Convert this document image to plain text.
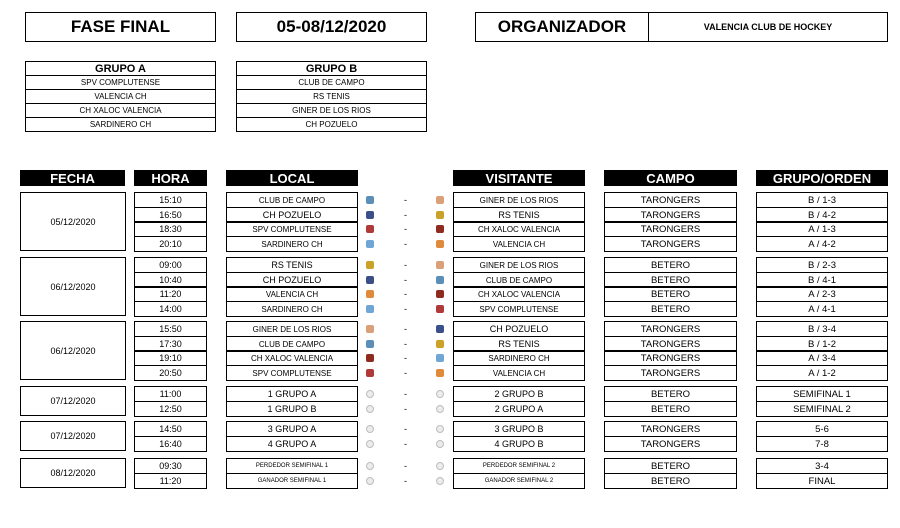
FASE FINAL	05-08/12/2020	ORGANIZADOR	VALENCIA CLUB DE HOCKEY
GRUPO A
SPV COMPLUTENSE
VALENCIA CH
CH XALOC VALENCIA
SARDINERO CH
GRUPO B
CLUB DE CAMPO
RS TENIS
GINER DE LOS RIOS
CH POZUELO
FECHA	HORA	LOCAL	VISITANTE	CAMPO	GRUPO/ORDEN
05/12/2020
15:10	CLUB DE CAMPO	-	GINER DE LOS RIOS	TARONGERS	B / 1-3
16:50	CH POZUELO	-	RS TENIS	TARONGERS	B / 4-2
18:30	SPV COMPLUTENSE	-	CH XALOC VALENCIA	TARONGERS	A / 1-3
20:10	SARDINERO CH	-	VALENCIA CH	TARONGERS	A / 4-2
06/12/2020
09:00	RS TENIS	-	GINER DE LOS RIOS	BETERO	B / 2-3
10:40	CH POZUELO	-	CLUB DE CAMPO	BETERO	B / 4-1
11:20	VALENCIA CH	-	CH XALOC VALENCIA	BETERO	A / 2-3
14:00	SARDINERO CH	-	SPV COMPLUTENSE	BETERO	A / 4-1
06/12/2020
15:50	GINER DE LOS RIOS	-	CH POZUELO	TARONGERS	B / 3-4
17:30	CLUB DE CAMPO	-	RS TENIS	TARONGERS	B / 1-2
19:10	CH XALOC VALENCIA	-	SARDINERO CH	TARONGERS	A / 3-4
20:50	SPV COMPLUTENSE	-	VALENCIA CH	TARONGERS	A / 1-2
07/12/2020
11:00	1 GRUPO A	-	2 GRUPO B	BETERO	SEMIFINAL 1
12:50	1 GRUPO B	-	2 GRUPO A	BETERO	SEMIFINAL 2
07/12/2020
14:50	3 GRUPO A	-	3 GRUPO B	TARONGERS	5-6
16:40	4 GRUPO A	-	4 GRUPO B	TARONGERS	7-8
08/12/2020
09:30	PERDEDOR SEMIFINAL 1	-	PERDEDOR SEMIFINAL 2	BETERO	3-4
11:20	GANADOR SEMIFINAL 1	-	GANADOR SEMIFINAL 2	BETERO	FINAL
